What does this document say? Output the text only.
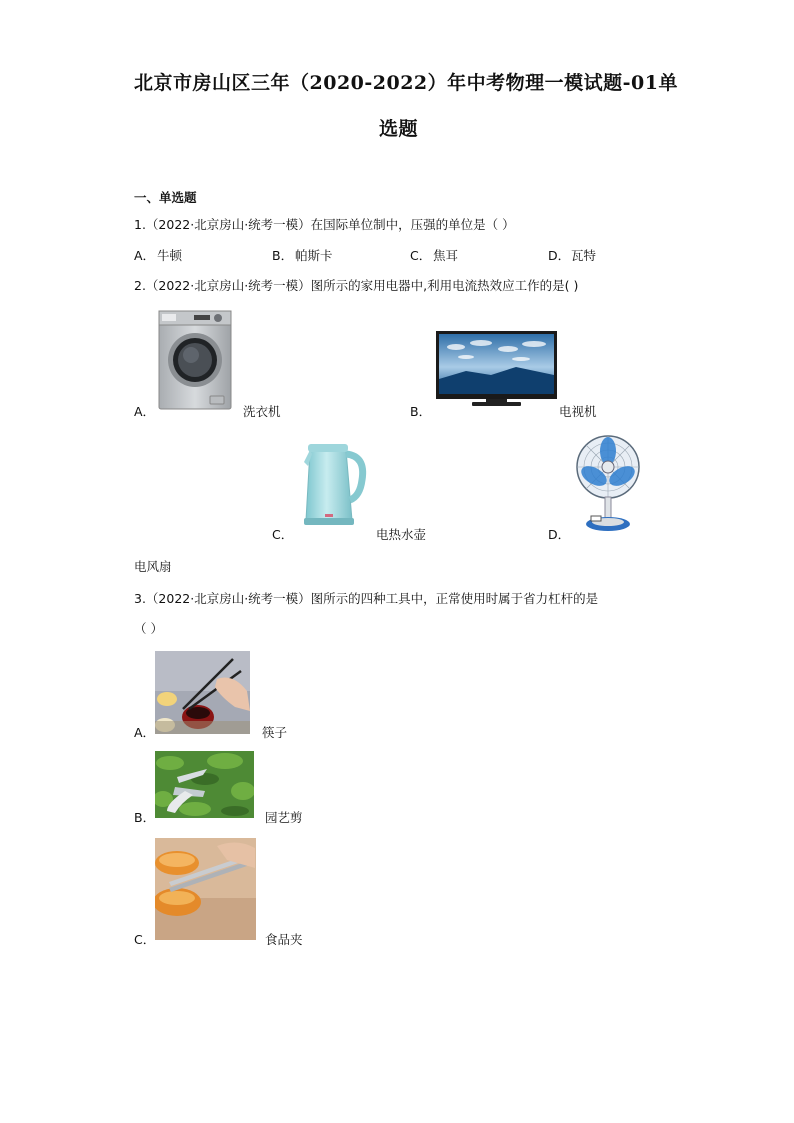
北京市房山区三年（2020-2022）年中考物理一模试题-01单
选题
一、单选题
1.（2022·北京房山·统考一模）在国际单位制中，压强的单位是（ ）
A． 牛顿	B． 帕斯卡	C． 焦耳	D． 瓦特
2.（2022·北京房山·统考一模）图所示的家用电器中,利用电流热效应工作的是( )
A．	洗衣机	B．	电视机
C．	电热水壶	D．
电风扇
3.（2022·北京房山·统考一模）图所示的四种工具中，正常使用时属于省力杠杆的是
（ ）
A．	筷子
B．	园艺剪
C．	食品夹
